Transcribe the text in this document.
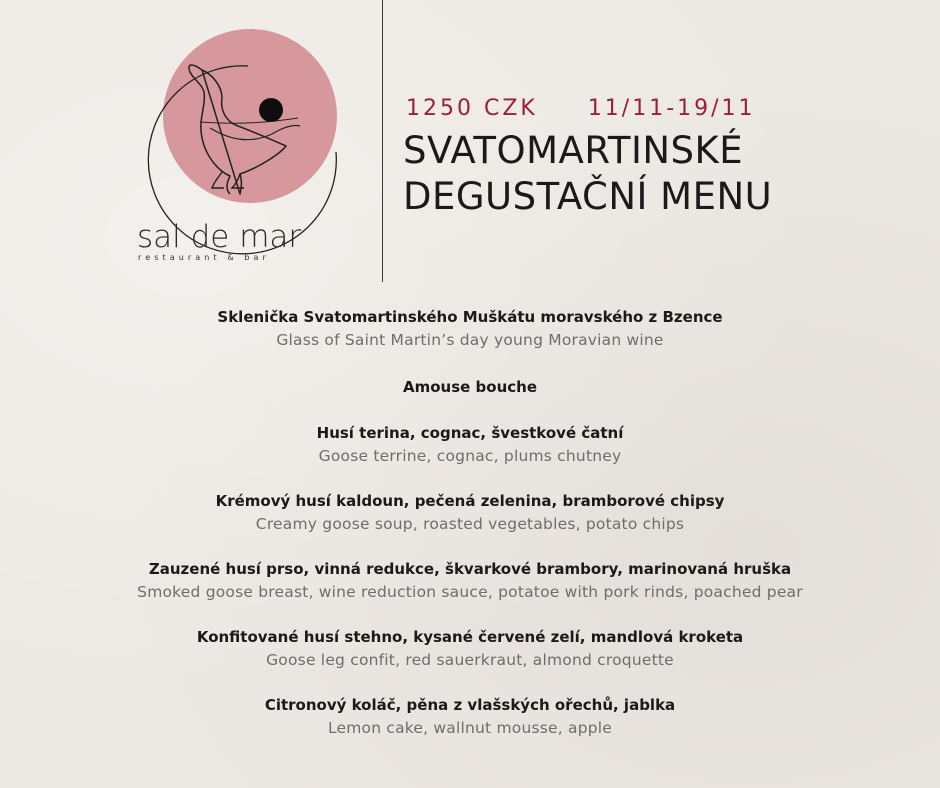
sal de mar
restaurant & bar
1250 CZK 11/11-19/11
SVATOMARTINSKÉ
DEGUSTAČNÍ MENU
Sklenička Svatomartinského Muškátu moravského z Bzence
Glass of Saint Martin’s day young Moravian wine
Amouse bouche
Husí terina, cognac, švestkové čatní
Goose terrine, cognac, plums chutney
Krémový husí kaldoun, pečená zelenina, bramborové chipsy
Creamy goose soup, roasted vegetables, potato chips
Zauzené husí prso, vinná redukce, škvarkové brambory, marinovaná hruška
Smoked goose breast, wine reduction sauce, potatoe with pork rinds, poached pear
Konfitované husí stehno, kysané červené zelí, mandlová kroketa
Goose leg confit, red sauerkraut, almond croquette
Citronový koláč, pěna z vlašských ořechů, jablka
Lemon cake, wallnut mousse, apple
